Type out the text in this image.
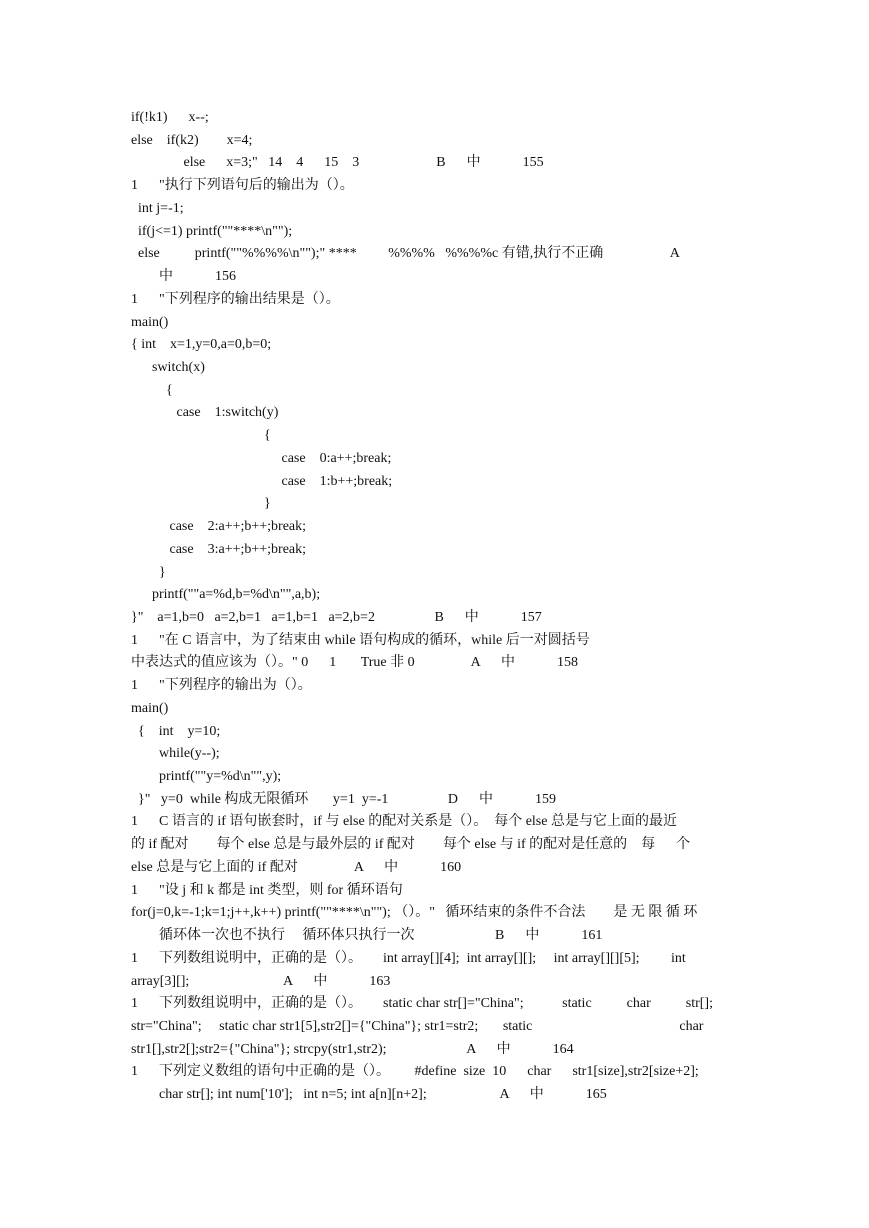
if(!k1)      x--;
else    if(k2)        x=4;
else      x=3;"   14    4      15    3                      B      中            155
1      "执行下列语句后的输出为（）。
int j=-1;
if(j<=1) printf(""****\n"");
else          printf(""%%%%\n"");" ****         %%%%   %%%%c 有错,执行不正确                   A
中            156
1      "下列程序的输出结果是（）。
main()
{ int    x=1,y=0,a=0,b=0;
switch(x)
{
case    1:switch(y)
{
case    0:a++;break;
case    1:b++;break;
}
case    2:a++;b++;break;
case    3:a++;b++;break;
}
printf(""a=%d,b=%d\n"",a,b);
}"    a=1,b=0   a=2,b=1   a=1,b=1   a=2,b=2                 B      中            157
1      "在 C 语言中，为了结束由 while 语句构成的循环，while 后一对圆括号
中表达式的值应该为（）。" 0      1       True 非 0                A      中            158
1      "下列程序的输出为（）。
main()
{    int    y=10;
while(y--);
printf(""y=%d\n"",y);
}"   y=0  while 构成无限循环       y=1  y=-1                 D      中            159
1      C 语言的 if 语句嵌套时，if 与 else 的配对关系是（）。  每个 else 总是与它上面的最近
的 if 配对        每个 else 总是与最外层的 if 配对        每个 else 与 if 的配对是任意的    每      个
else 总是与它上面的 if 配对                A      中            160
1      "设 j 和 k 都是 int 类型，则 for 循环语句
for(j=0,k=-1;k=1;j++,k++) printf(""****\n""); （）。"   循环结束的条件不合法        是 无 限 循 环
循环体一次也不执行     循环体只执行一次                       B      中            161
1      下列数组说明中，正确的是（）。      int array[][4];  int array[][];     int array[][][5];         int
array[3][];                           A      中            163
1      下列数组说明中，正确的是（）。      static char str[]="China";           static          char          str[];
str="China";     static char str1[5],str2[]={"China"}; str1=str2;       static                                          char
str1[],str2[];str2={"China"}; strcpy(str1,str2);                       A      中            164
1      下列定义数组的语句中正确的是（）。       #define  size  10      char      str1[size],str2[size+2];
char str[]; int num['10'];   int n=5; int a[n][n+2];                     A      中            165
